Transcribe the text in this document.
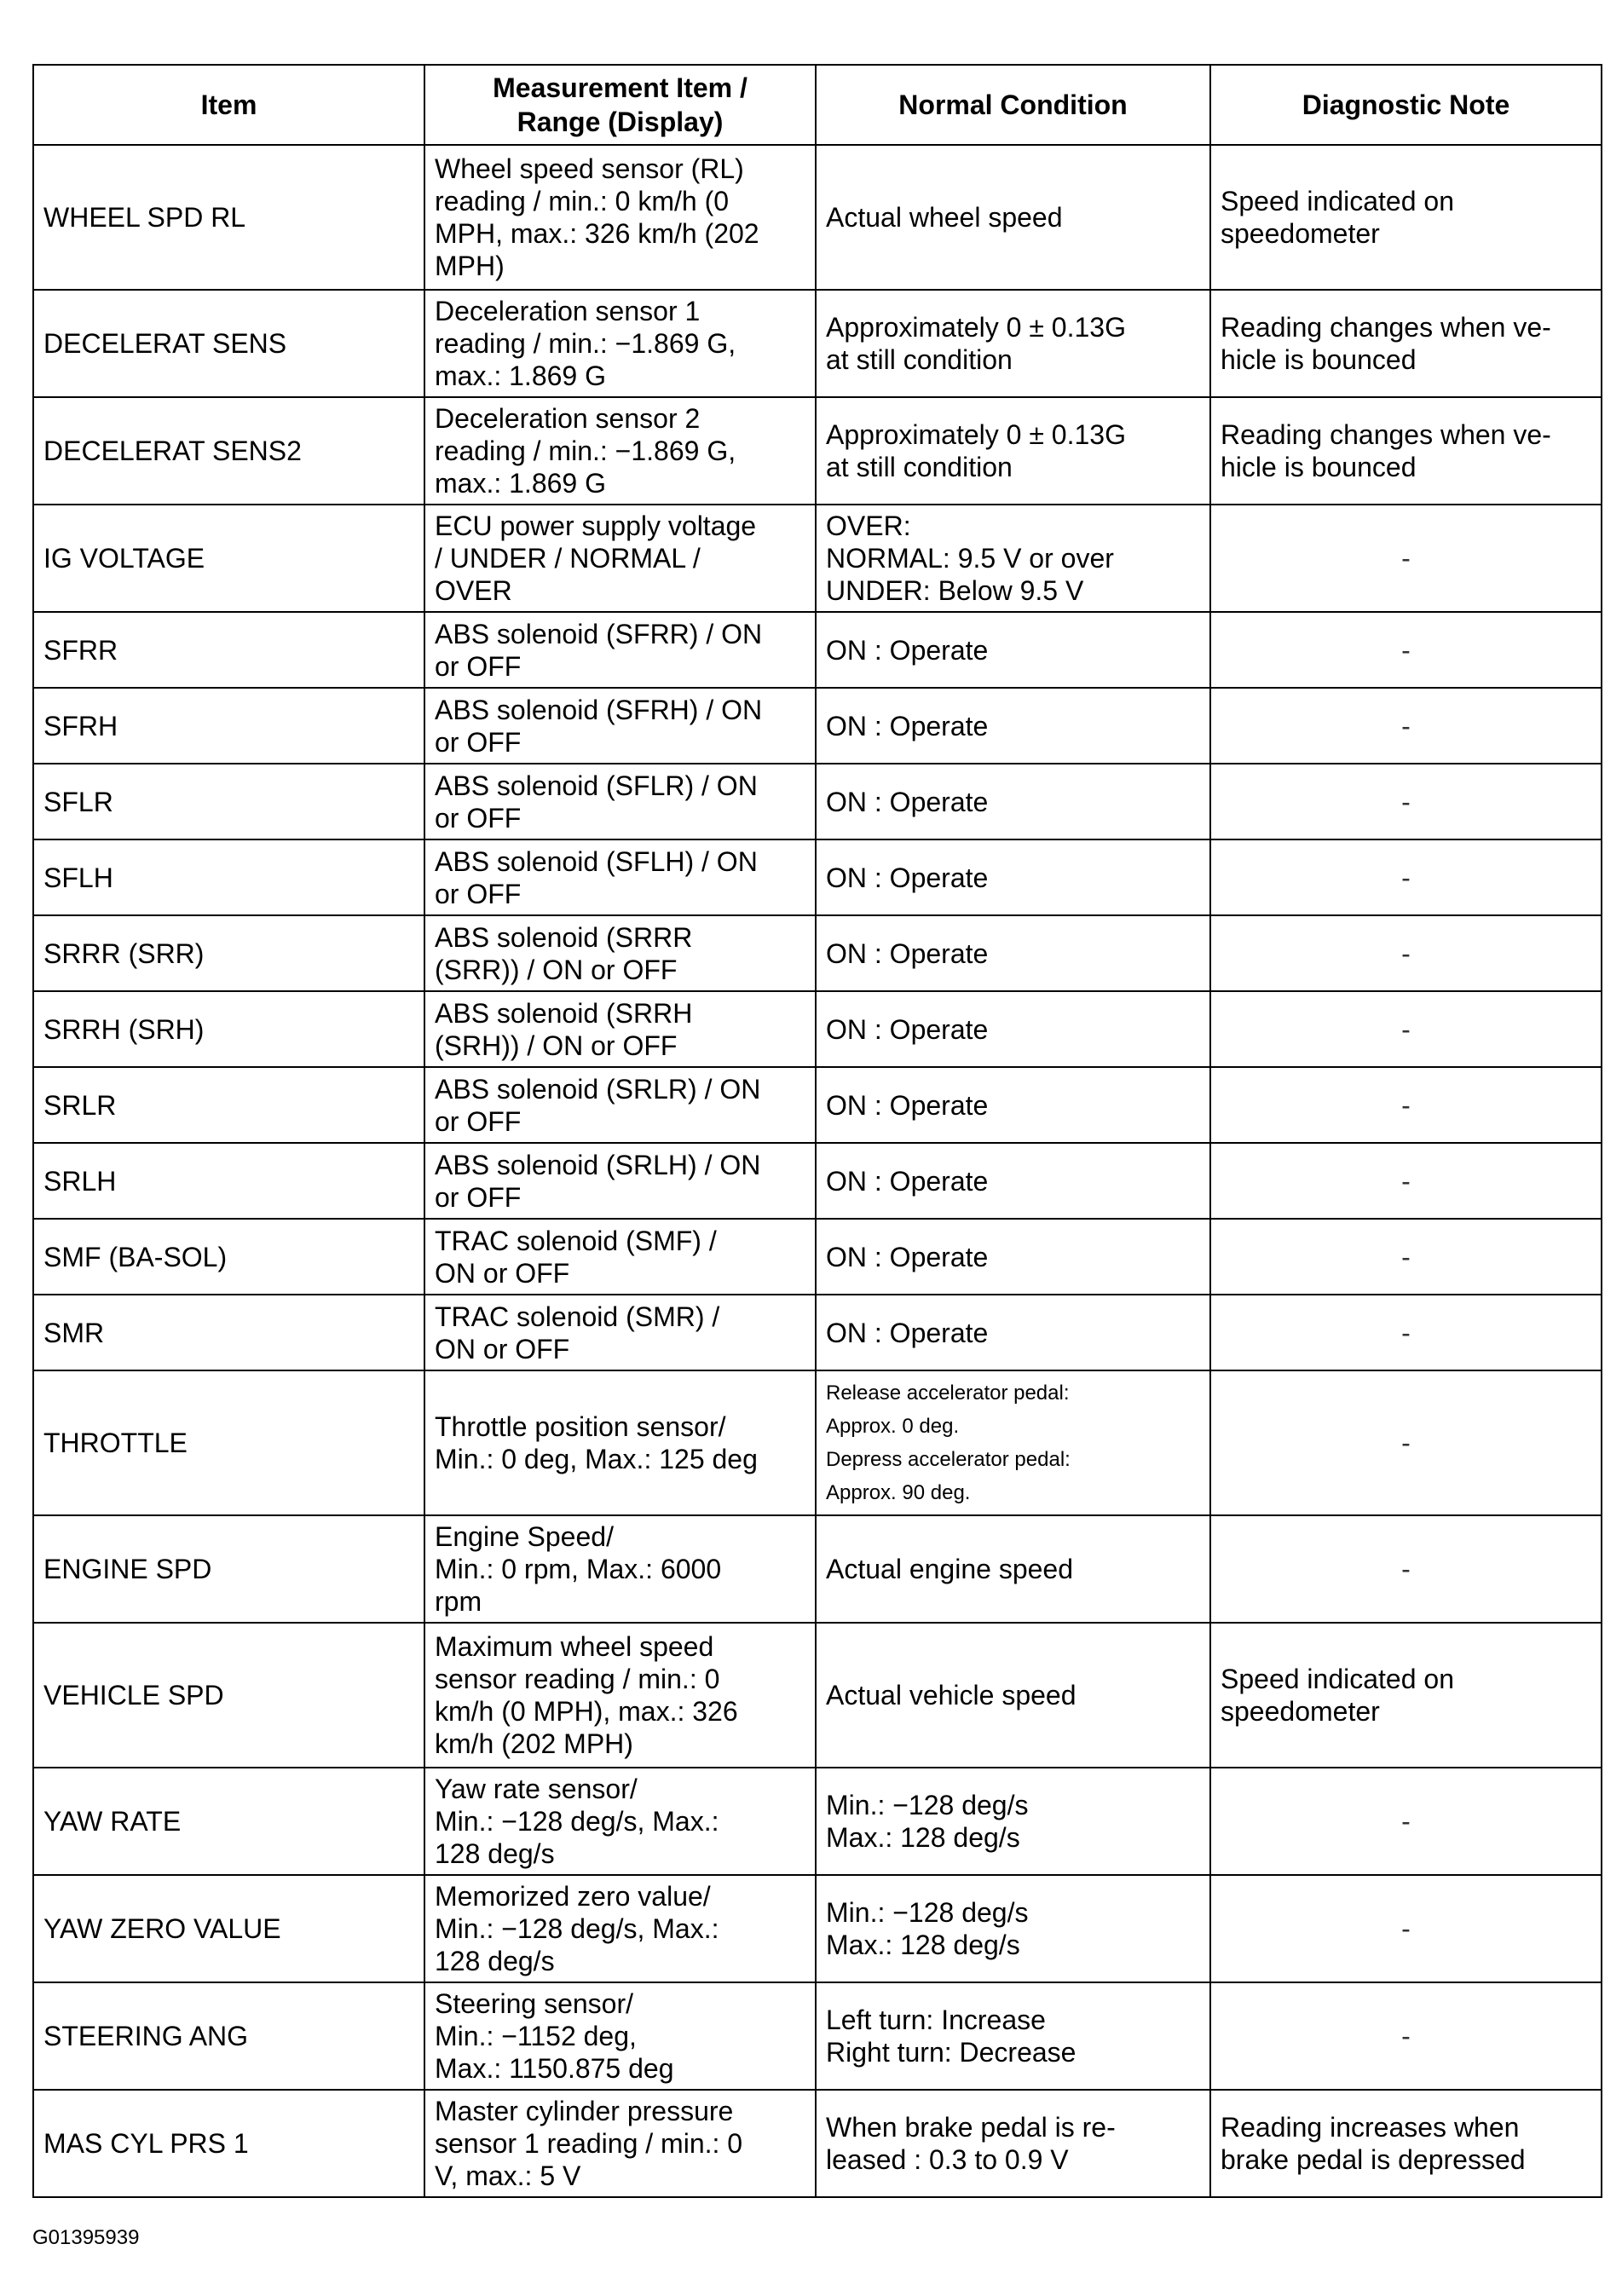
Item	Measurement Item /
Range (Display)	Normal Condition	Diagnostic Note
WHEEL SPD RL	Wheel speed sensor (RL)
reading / min.: 0 km/h (0
MPH, max.: 326 km/h (202
MPH)	Actual wheel speed	Speed indicated on
speedometer
DECELERAT SENS	Deceleration sensor 1
reading / min.: −1.869 G,
max.: 1.869 G	Approximately 0 ± 0.13G
at still condition	Reading changes when ve-
hicle is bounced
DECELERAT SENS2	Deceleration sensor 2
reading / min.: −1.869 G,
max.: 1.869 G	Approximately 0 ± 0.13G
at still condition	Reading changes when ve-
hicle is bounced
IG VOLTAGE	ECU power supply voltage
/ UNDER / NORMAL /
OVER	OVER:
NORMAL: 9.5 V or over
UNDER: Below 9.5 V	-
SFRR	ABS solenoid (SFRR) / ON
or OFF	ON : Operate	-
SFRH	ABS solenoid (SFRH) / ON
or OFF	ON : Operate	-
SFLR	ABS solenoid (SFLR) / ON
or OFF	ON : Operate	-
SFLH	ABS solenoid (SFLH) / ON
or OFF	ON : Operate	-
SRRR (SRR)	ABS solenoid (SRRR
(SRR)) / ON or OFF	ON : Operate	-
SRRH (SRH)	ABS solenoid (SRRH
(SRH)) / ON or OFF	ON : Operate	-
SRLR	ABS solenoid (SRLR) / ON
or OFF	ON : Operate	-
SRLH	ABS solenoid (SRLH) / ON
or OFF	ON : Operate	-
SMF (BA-SOL)	TRAC solenoid (SMF) /
ON or OFF	ON : Operate	-
SMR	TRAC solenoid (SMR) /
ON or OFF	ON : Operate	-
THROTTLE	Throttle position sensor/
Min.: 0 deg, Max.: 125 deg	Release accelerator pedal:
Approx. 0 deg.
Depress accelerator pedal:
Approx. 90 deg.	-
ENGINE SPD	Engine Speed/
Min.: 0 rpm, Max.: 6000
rpm	Actual engine speed	-
VEHICLE SPD	Maximum wheel speed
sensor reading / min.: 0
km/h (0 MPH), max.: 326
km/h (202 MPH)	Actual vehicle speed	Speed indicated on
speedometer
YAW RATE	Yaw rate sensor/
Min.: −128 deg/s, Max.:
128 deg/s	Min.: −128 deg/s
Max.: 128 deg/s	-
YAW ZERO VALUE	Memorized zero value/
Min.: −128 deg/s, Max.:
128 deg/s	Min.: −128 deg/s
Max.: 128 deg/s	-
STEERING ANG	Steering sensor/
Min.: −1152 deg,
Max.: 1150.875 deg	Left turn: Increase
Right turn: Decrease	-
MAS CYL PRS 1	Master cylinder pressure
sensor 1 reading / min.: 0
V, max.: 5 V	When brake pedal is re-
leased : 0.3 to 0.9 V	Reading increases when
brake pedal is depressed
G01395939
